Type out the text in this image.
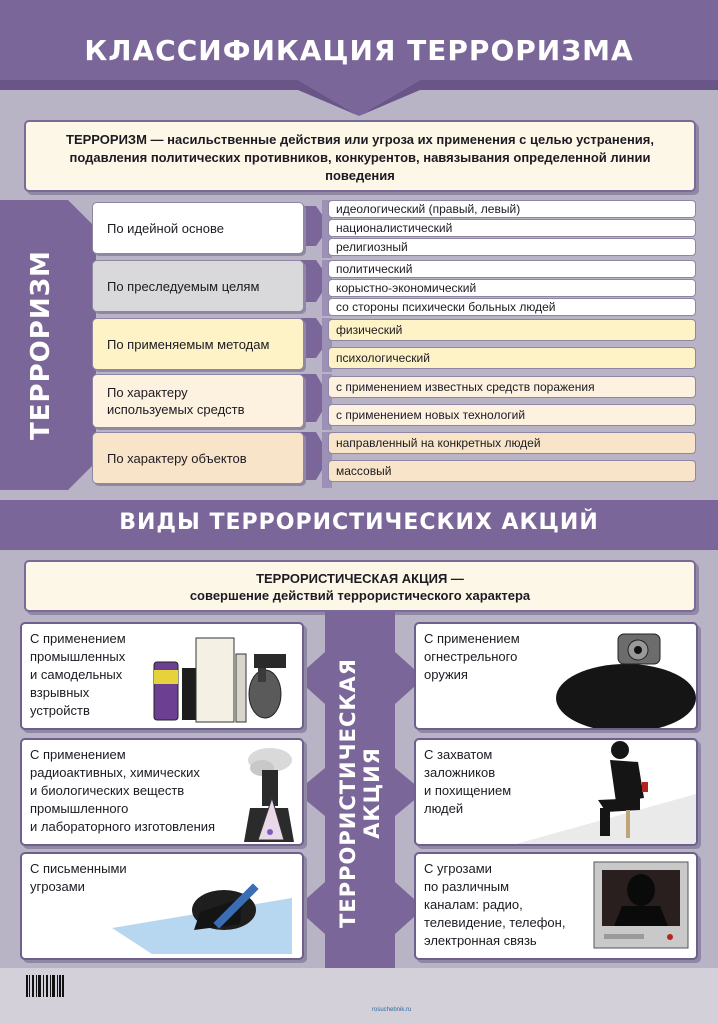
КЛАССИФИКАЦИЯ ТЕРРОРИЗМА
ТЕРРОРИЗМ — насильственные действия или угроза их применения с целью устранения, подавления политических противников, конкурентов, навязывания определенной линии поведения
ТЕРРОРИЗМ
По идейной основе
По преследуемым целям
По применяемым методам
По характеру
используемых средств
По характеру объектов
идеологический (правый, левый)
националистический
религиозный
политический
корыстно-экономический
со стороны психически больных людей
физический
психологический
с применением известных средств поражения
с применением новых технологий
направленный на конкретных людей
массовый
ВИДЫ ТЕРРОРИСТИЧЕСКИХ АКЦИЙ
ТЕРРОРИСТИЧЕСКАЯ АКЦИЯ —
совершение действий террористического характера
ТЕРРОРИСТИЧЕСКАЯ АКЦИЯ
С применением
промышленных
и самодельных
взрывных
устройств
С применением
радиоактивных, химических
и биологических веществ
промышленного
и лабораторного изготовления
С письменными
угрозами
С применением
огнестрельного
оружия
С захватом
заложников
и похищением
людей
С угрозами
по различным
каналам: радио,
телевидение, телефон,
электронная связь
rosuchebnik.ru
